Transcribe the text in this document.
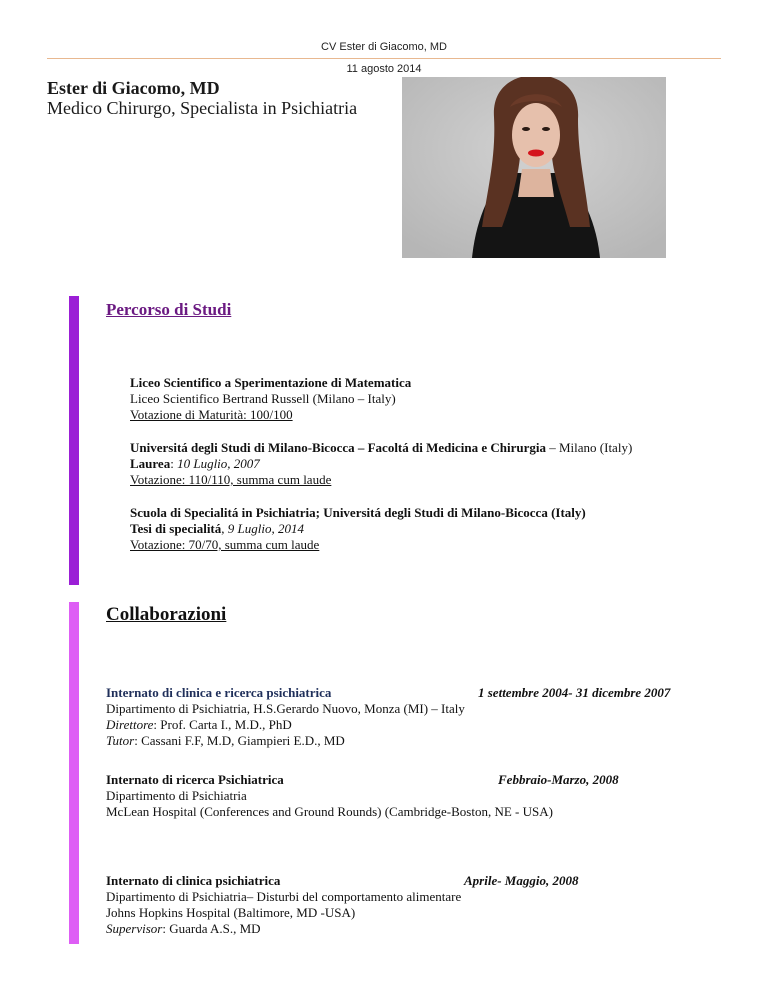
CV Ester di Giacomo, MD
11 agosto 2014
Ester di Giacomo, MD
Medico Chirurgo, Specialista in Psichiatria
Percorso di Studi
Liceo Scientifico a Sperimentazione di Matematica
Liceo Scientifico Bertrand Russell (Milano – Italy)
Votazione di Maturità: 100/100
Universitá degli Studi di Milano-Bicocca – Facoltá di Medicina e Chirurgia – Milano (Italy)
Laurea: 10 Luglio, 2007
Votazione: 110/110, summa cum laude
Scuola di Specialitá in Psichiatria; Universitá degli Studi di Milano-Bicocca (Italy)
Tesi di specialitá, 9 Luglio, 2014
Votazione: 70/70, summa cum laude
Collaborazioni
Internato di clinica e ricerca psichiatrica
Dipartimento di Psichiatria, H.S.Gerardo Nuovo, Monza (MI) – Italy
Direttore: Prof. Carta I., M.D., PhD
Tutor: Cassani F.F, M.D, Giampieri E.D., MD
1 settembre 2004- 31 dicembre 2007
Internato di ricerca Psichiatrica
Dipartimento di Psichiatria
McLean Hospital (Conferences and Ground Rounds) (Cambridge-Boston, NE - USA)
Febbraio-Marzo, 2008
Internato di clinica psichiatrica
Dipartimento di Psichiatria– Disturbi del comportamento alimentare
Johns Hopkins Hospital (Baltimore, MD -USA)
Supervisor: Guarda A.S., MD
Aprile- Maggio, 2008
